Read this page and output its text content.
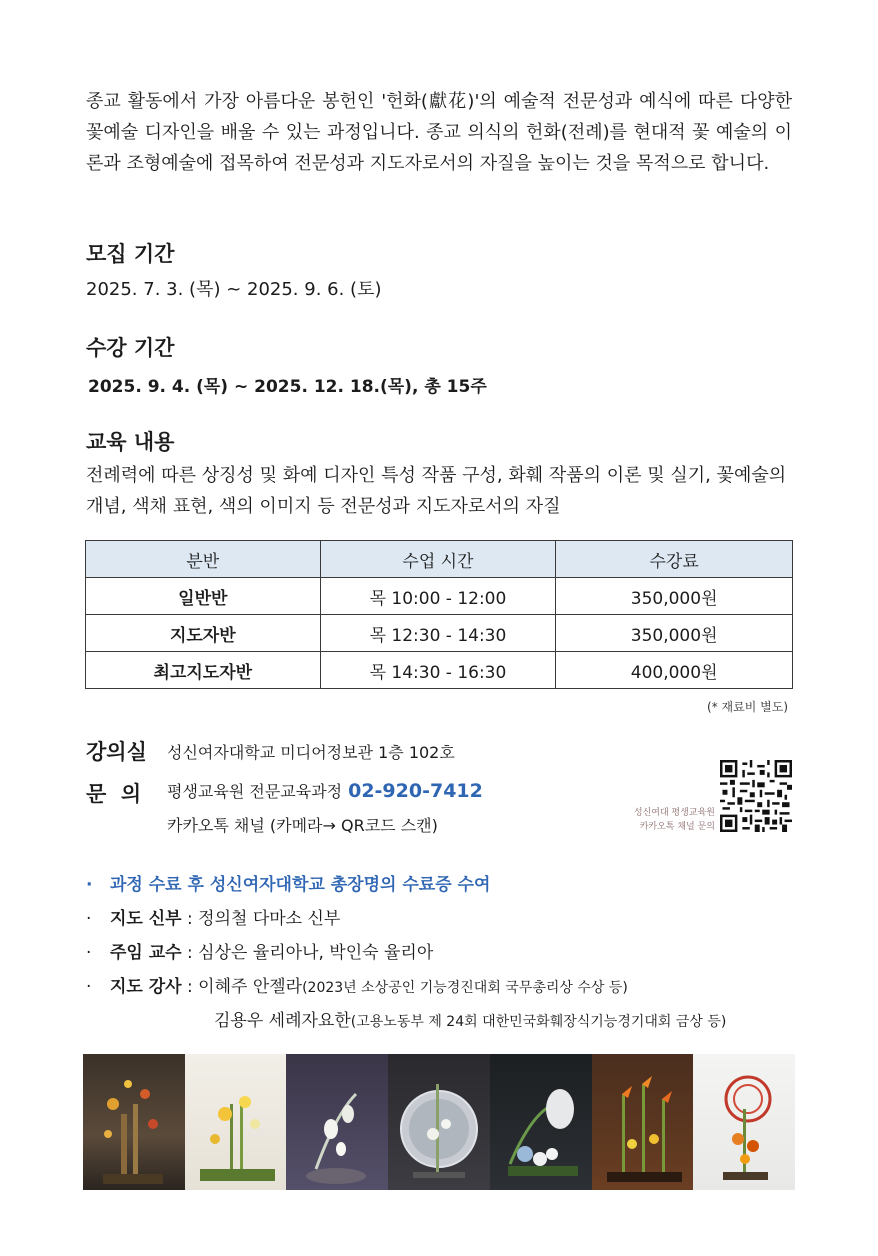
종교 활동에서 가장 아름다운 봉헌인 '헌화(獻花)'의 예술적 전문성과 예식에 따른 다양한 꽃예술 디자인을 배울 수 있는 과정입니다. 종교 의식의 헌화(전례)를 현대적 꽃 예술의 이론과 조형예술에 접목하여 전문성과 지도자로서의 자질을 높이는 것을 목적으로 합니다.
모집 기간
2025. 7. 3. (목) ~ 2025. 9. 6. (토)
수강 기간
2025. 9. 4. (목) ~ 2025. 12. 18.(목), 총 15주
교육 내용
전례력에 따른 상징성 및 화예 디자인 특성 작품 구성, 화훼 작품의 이론 및 실기, 꽃예술의 개념, 색채 표현, 색의 이미지 등 전문성과 지도자로서의 자질
분반	수업 시간	수강료
일반반	목 10:00 - 12:00	350,000원
지도자반	목 12:30 - 14:30	350,000원
최고지도자반	목 14:30 - 16:30	400,000원
(* 재료비 별도)
강의실 성신여자대학교 미디어정보관 1층 102호
문  의 평생교육원 전문교육과정 02-920-7412
카카오톡 채널 (카메라→ QR코드 스캔)
성신여대 평생교육원
카카오톡 채널 문의
· 과정 수료 후 성신여자대학교 총장명의 수료증 수여
· 지도 신부 : 정의철 다마소 신부
· 주임 교수 : 심상은 율리아나, 박인숙 율리아
· 지도 강사 : 이혜주 안젤라(2023년 소상공인 기능경진대회 국무총리상 수상 등)
김용우 세례자요한(고용노동부 제 24회 대한민국화훼장식기능경기대회 금상 등)
